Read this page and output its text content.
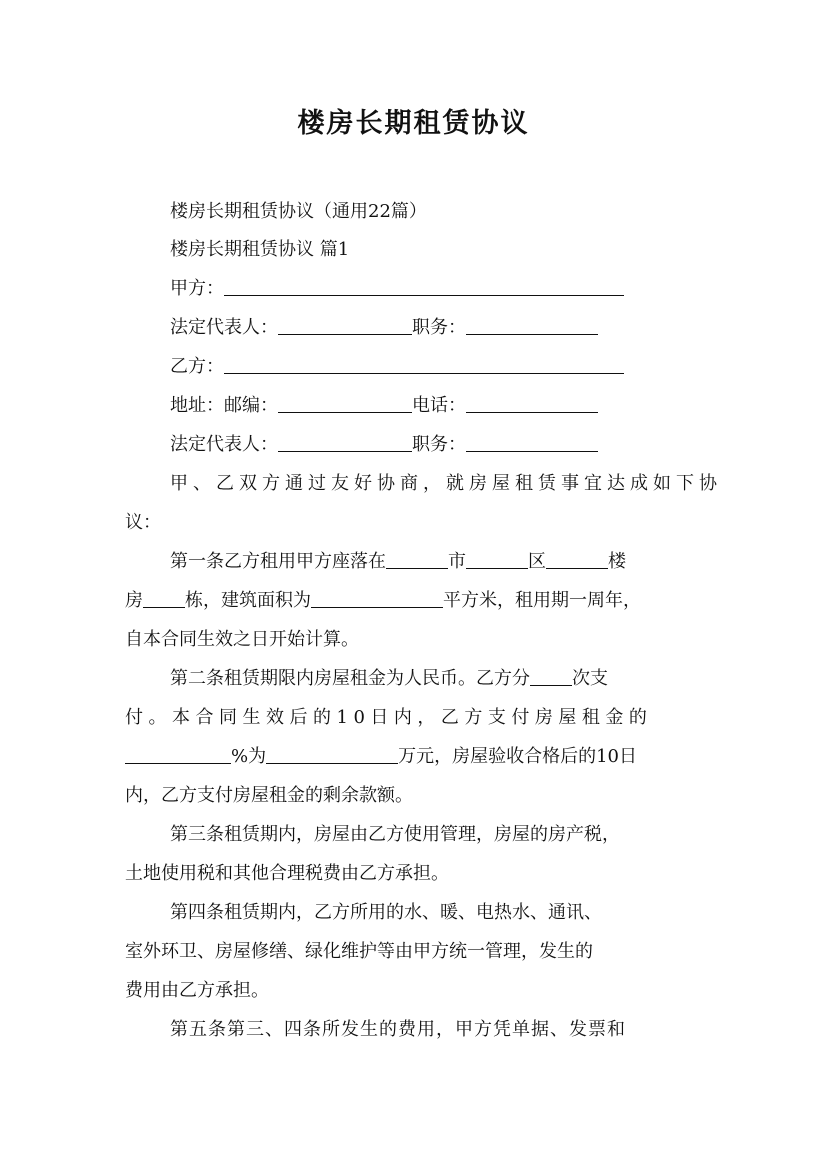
楼房长期租赁协议
楼房长期租赁协议（通用22篇）
楼房长期租赁协议 篇1
甲方：
法定代表人：	职务：
乙方：
地址：邮编：	电话：
法定代表人：	职务：
甲、乙双方通过友好协商，就房屋租赁事宜达成如下协
议：
第一条乙方租用甲方座落在	市	区	楼
房 栋，建筑面积为	平方米，租用期一周年，
自本合同生效之日开始计算。
第二条租赁期限内房屋租金为人民币。乙方分 次支
付。本合同生效后的10日内，乙方支付房屋租金的
%为	万元，房屋验收合格后的10日
内，乙方支付房屋租金的剩余款额。
第三条租赁期内，房屋由乙方使用管理，房屋的房产税，
土地使用税和其他合理税费由乙方承担。
第四条租赁期内，乙方所用的水、暖、电热水、通讯、
室外环卫、房屋修缮、绿化维护等由甲方统一管理，发生的
费用由乙方承担。
第五条第三、四条所发生的费用，甲方凭单据、发票和
